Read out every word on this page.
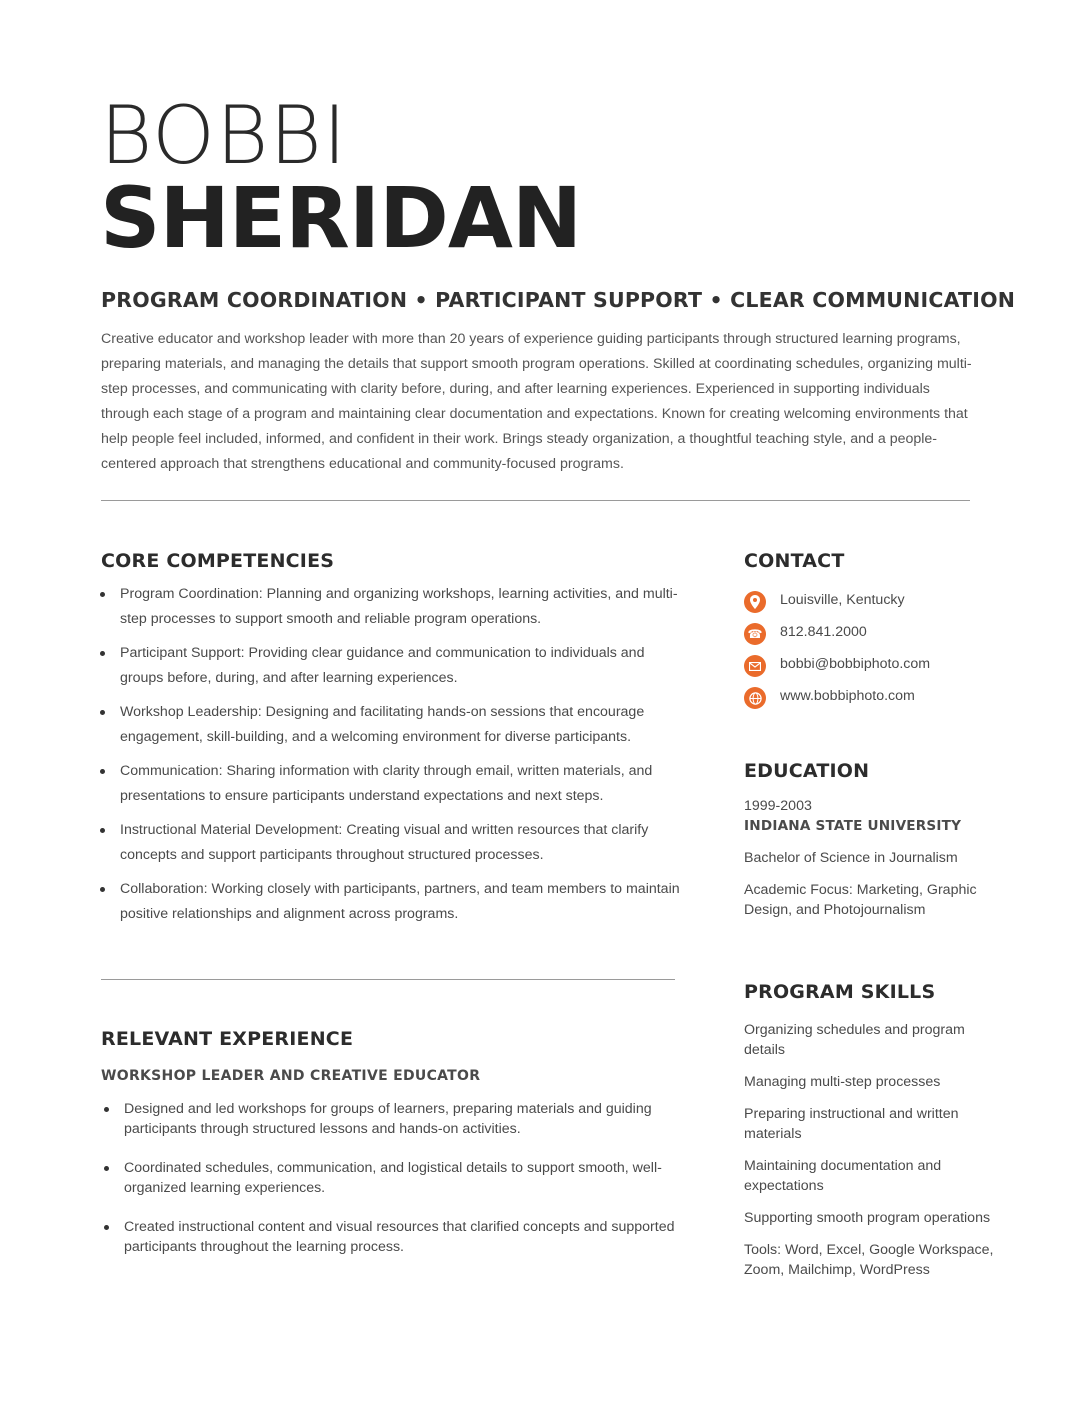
BOBBI
SHERIDAN
PROGRAM COORDINATION • PARTICIPANT SUPPORT • CLEAR COMMUNICATION
Creative educator and workshop leader with more than 20 years of experience guiding participants through structured learning programs, preparing materials, and managing the details that support smooth program operations. Skilled at coordinating schedules, organizing multi-step processes, and communicating with clarity before, during, and after learning experiences. Experienced in supporting individuals through each stage of a program and maintaining clear documentation and expectations. Known for creating welcoming environments that help people feel included, informed, and confident in their work. Brings steady organization, a thoughtful teaching style, and a people-centered approach that strengthens educational and community-focused programs.
CORE COMPETENCIES
Program Coordination: Planning and organizing workshops, learning activities, and multi-step processes to support smooth and reliable program operations.
Participant Support: Providing clear guidance and communication to individuals and groups before, during, and after learning experiences.
Workshop Leadership: Designing and facilitating hands-on sessions that encourage engagement, skill-building, and a welcoming environment for diverse participants.
Communication: Sharing information with clarity through email, written materials, and presentations to ensure participants understand expectations and next steps.
Instructional Material Development: Creating visual and written resources that clarify concepts and support participants throughout structured processes.
Collaboration: Working closely with participants, partners, and team members to maintain positive relationships and alignment across programs.
RELEVANT EXPERIENCE
WORKSHOP LEADER AND CREATIVE EDUCATOR
Designed and led workshops for groups of learners, preparing materials and guiding participants through structured lessons and hands-on activities.
Coordinated schedules, communication, and logistical details to support smooth, well-organized learning experiences.
Created instructional content and visual resources that clarified concepts and supported participants throughout the learning process.
CONTACT
Louisville, Kentucky
☎ 812.841.2000
bobbi@bobbiphoto.com
www.bobbiphoto.com
EDUCATION
1999-2003
INDIANA STATE UNIVERSITY
Bachelor of Science in Journalism
Academic Focus: Marketing, Graphic Design, and Photojournalism
PROGRAM SKILLS
Organizing schedules and program details
Managing multi-step processes
Preparing instructional and written materials
Maintaining documentation and expectations
Supporting smooth program operations
Tools: Word, Excel, Google Workspace, Zoom, Mailchimp, WordPress
